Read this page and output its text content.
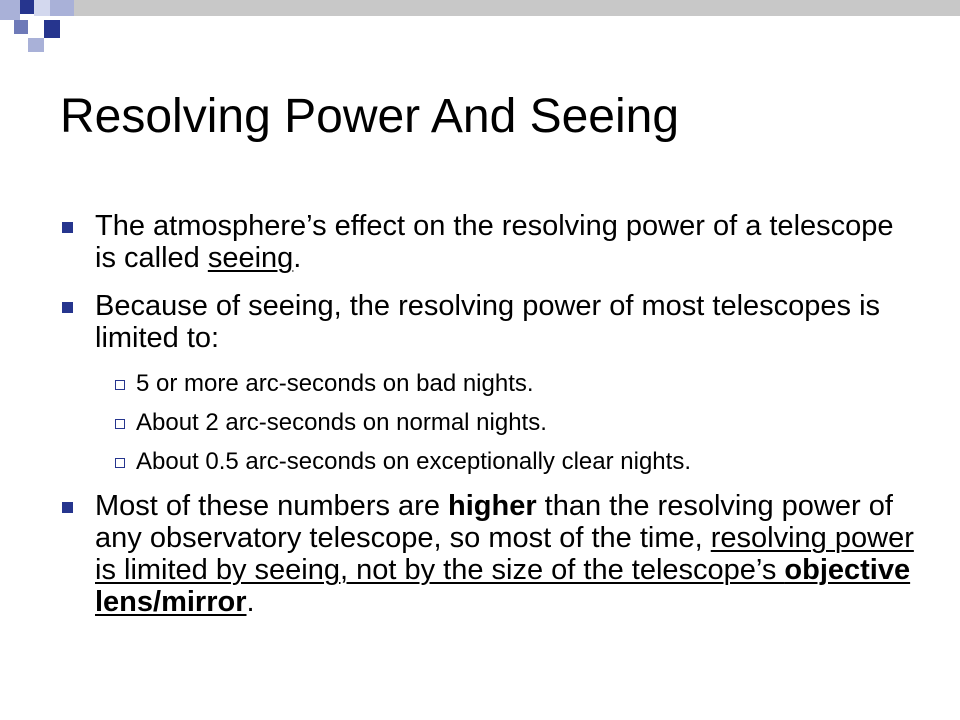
Resolving Power And Seeing
The atmosphere’s effect on the resolving power of a telescope is called seeing.
Because of seeing, the resolving power of most telescopes is limited to:
5 or more arc-seconds on bad nights.
About 2 arc-seconds on normal nights.
About 0.5 arc-seconds on exceptionally clear nights.
Most of these numbers are higher than the resolving power of any observatory telescope, so most of the time, resolving power is limited by seeing, not by the size of the telescope’s objective lens/mirror.
